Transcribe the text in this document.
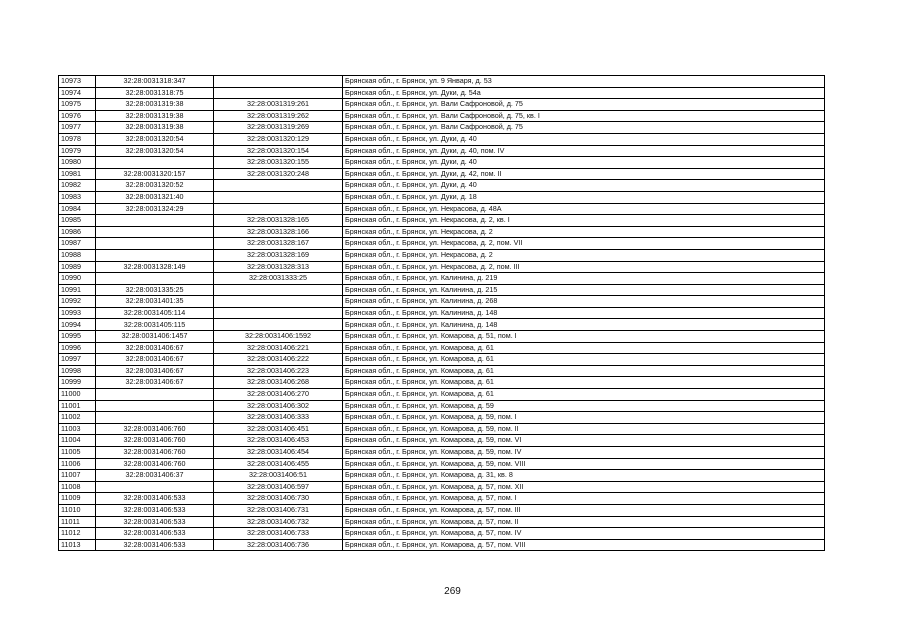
10973	32:28:0031318:347		Брянская обл., г. Брянск, ул. 9 Января, д. 53
10974	32:28:0031318:75		Брянская обл., г. Брянск, ул. Дуки, д. 54а
10975	32:28:0031319:38	32:28:0031319:261	Брянская обл., г. Брянск, ул. Вали Сафроновой, д. 75
10976	32:28:0031319:38	32:28:0031319:262	Брянская обл., г. Брянск, ул. Вали Сафроновой, д. 75, кв. I
10977	32:28:0031319:38	32:28:0031319:269	Брянская обл., г. Брянск, ул. Вали Сафроновой, д. 75
10978	32:28:0031320:54	32:28:0031320:129	Брянская обл., г. Брянск, ул. Дуки, д. 40
10979	32:28:0031320:54	32:28:0031320:154	Брянская обл., г. Брянск, ул. Дуки, д. 40, пом. IV
10980		32:28:0031320:155	Брянская обл., г. Брянск, ул. Дуки, д. 40
10981	32:28:0031320:157	32:28:0031320:248	Брянская обл., г. Брянск, ул. Дуки, д. 42, пом. II
10982	32:28:0031320:52		Брянская обл., г. Брянск, ул. Дуки, д. 40
10983	32:28:0031321:40		Брянская обл., г. Брянск, ул. Дуки, д. 18
10984	32:28:0031324:29		Брянская обл., г. Брянск, ул. Некрасова, д. 48А
10985		32:28:0031328:165	Брянская обл., г. Брянск, ул. Некрасова, д. 2, кв. I
10986		32:28:0031328:166	Брянская обл., г. Брянск, ул. Некрасова, д. 2
10987		32:28:0031328:167	Брянская обл., г. Брянск, ул. Некрасова, д. 2, пом. VII
10988		32:28:0031328:169	Брянская обл., г. Брянск, ул. Некрасова, д. 2
10989	32:28:0031328:149	32:28:0031328:313	Брянская обл., г. Брянск, ул. Некрасова, д. 2, пом. III
10990		32:28:0031333:25	Брянская обл., г. Брянск, ул. Калинина, д. 219
10991	32:28:0031335:25		Брянская обл., г. Брянск, ул. Калинина, д. 215
10992	32:28:0031401:35		Брянская обл., г. Брянск, ул. Калинина, д. 268
10993	32:28:0031405:114		Брянская обл., г. Брянск, ул. Калинина, д. 148
10994	32:28:0031405:115		Брянская обл., г. Брянск, ул. Калинина, д. 148
10995	32:28:0031406:1457	32:28:0031406:1592	Брянская обл., г. Брянск, ул. Комарова, д. 51, пом. I
10996	32:28:0031406:67	32:28:0031406:221	Брянская обл., г. Брянск, ул. Комарова, д. 61
10997	32:28:0031406:67	32:28:0031406:222	Брянская обл., г. Брянск, ул. Комарова, д. 61
10998	32:28:0031406:67	32:28:0031406:223	Брянская обл., г. Брянск, ул. Комарова, д. 61
10999	32:28:0031406:67	32:28:0031406:268	Брянская обл., г. Брянск, ул. Комарова, д. 61
11000		32:28:0031406:270	Брянская обл., г. Брянск, ул. Комарова, д. 61
11001		32:28:0031406:302	Брянская обл., г. Брянск, ул. Комарова, д. 59
11002		32:28:0031406:333	Брянская обл., г. Брянск, ул. Комарова, д. 59, пом. I
11003	32:28:0031406:760	32:28:0031406:451	Брянская обл., г. Брянск, ул. Комарова, д. 59, пом. II
11004	32:28:0031406:760	32:28:0031406:453	Брянская обл., г. Брянск, ул. Комарова, д. 59, пом. VI
11005	32:28:0031406:760	32:28:0031406:454	Брянская обл., г. Брянск, ул. Комарова, д. 59, пом. IV
11006	32:28:0031406:760	32:28:0031406:455	Брянская обл., г. Брянск, ул. Комарова, д. 59, пом. VIII
11007	32:28:0031406:37	32:28:0031406:51	Брянская обл., г. Брянск, ул. Комарова, д. 31, кв. 8
11008		32:28:0031406:597	Брянская обл., г. Брянск, ул. Комарова, д. 57, пом. XII
11009	32:28:0031406:533	32:28:0031406:730	Брянская обл., г. Брянск, ул. Комарова, д. 57, пом. I
11010	32:28:0031406:533	32:28:0031406:731	Брянская обл., г. Брянск, ул. Комарова, д. 57, пом. III
11011	32:28:0031406:533	32:28:0031406:732	Брянская обл., г. Брянск, ул. Комарова, д. 57, пом. II
11012	32:28:0031406:533	32:28:0031406:733	Брянская обл., г. Брянск, ул. Комарова, д. 57, пом. IV
11013	32:28:0031406:533	32:28:0031406:736	Брянская обл., г. Брянск, ул. Комарова, д. 57, пом. VIII
269
